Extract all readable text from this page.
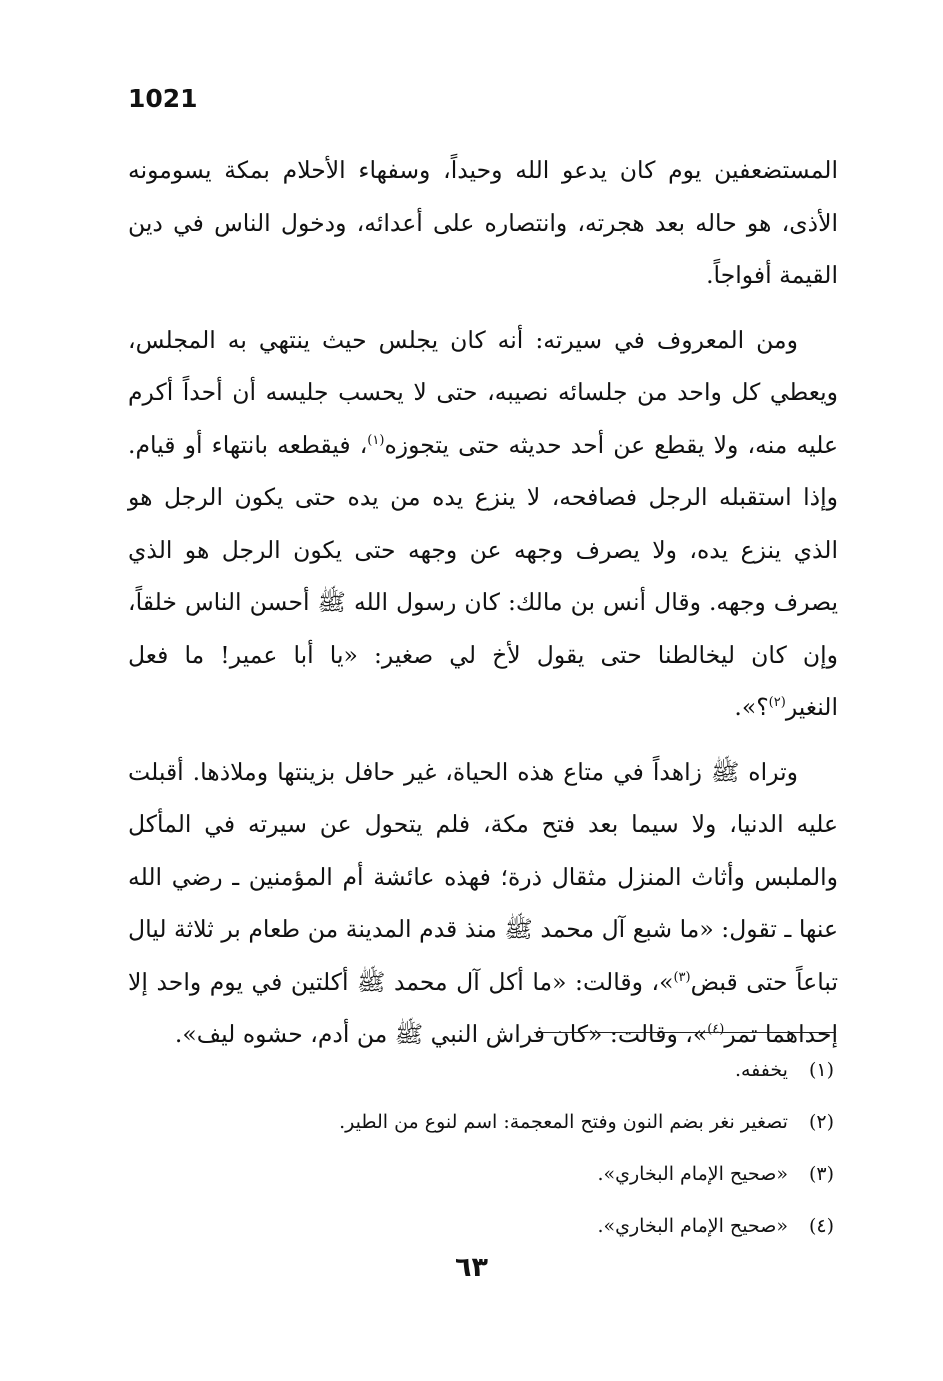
1021

المستضعفين يوم كان يدعو الله وحيداً، وسفهاء الأحلام بمكة يسومونه الأذى، هو حاله بعد هجرته، وانتصاره على أعدائه، ودخول الناس في دين القيمة أفواجاً.

ومن المعروف في سيرته: أنه كان يجلس حيث ينتهي به المجلس، ويعطي كل واحد من جلسائه نصيبه، حتى لا يحسب جليسه أن أحداً أكرم عليه منه، ولا يقطع عن أحد حديثه حتى يتجوزه$^{(١)}$، فيقطعه بانتهاء أو قيام. وإذا استقبله الرجل فصافحه، لا ينزع يده من يده حتى يكون الرجل هو الذي ينزع يده، ولا يصرف وجهه عن وجهه حتى يكون الرجل هو الذي يصرف وجهه. وقال أنس بن مالك: كان رسول الله ﷺ أحسن الناس خلقاً، وإن كان ليخالطنا حتى يقول لأخ لي صغير: «يا أبا عمير! ما فعل النغير$^{(٢)}$؟».

وتراه ﷺ زاهداً في متاع هذه الحياة، غير حافل بزينتها وملاذها. أقبلت عليه الدنيا، ولا سيما بعد فتح مكة، فلم يتحول عن سيرته في المأكل والملبس وأثاث المنزل مثقال ذرة؛ فهذه عائشة أم المؤمنين ـ رضي الله عنها ـ تقول: «ما شبع آل محمد ﷺ منذ قدم المدينة من طعام بر ثلاثة ليال تباعاً حتى قبض$^{(٣)}$»، وقالت: «ما أكل آل محمد ﷺ أكلتين في يوم واحد إلا إحداهما تمر$^{(٤)}$»، وقالت: «كان فراش النبي ﷺ من أدم، حشوه ليف».

(١) يخففه.
(٢) تصغير نغر بضم النون وفتح المعجمة: اسم لنوع من الطير.
(٣) «صحيح الإمام البخاري».
(٤) «صحيح الإمام البخاري».
٦٣
